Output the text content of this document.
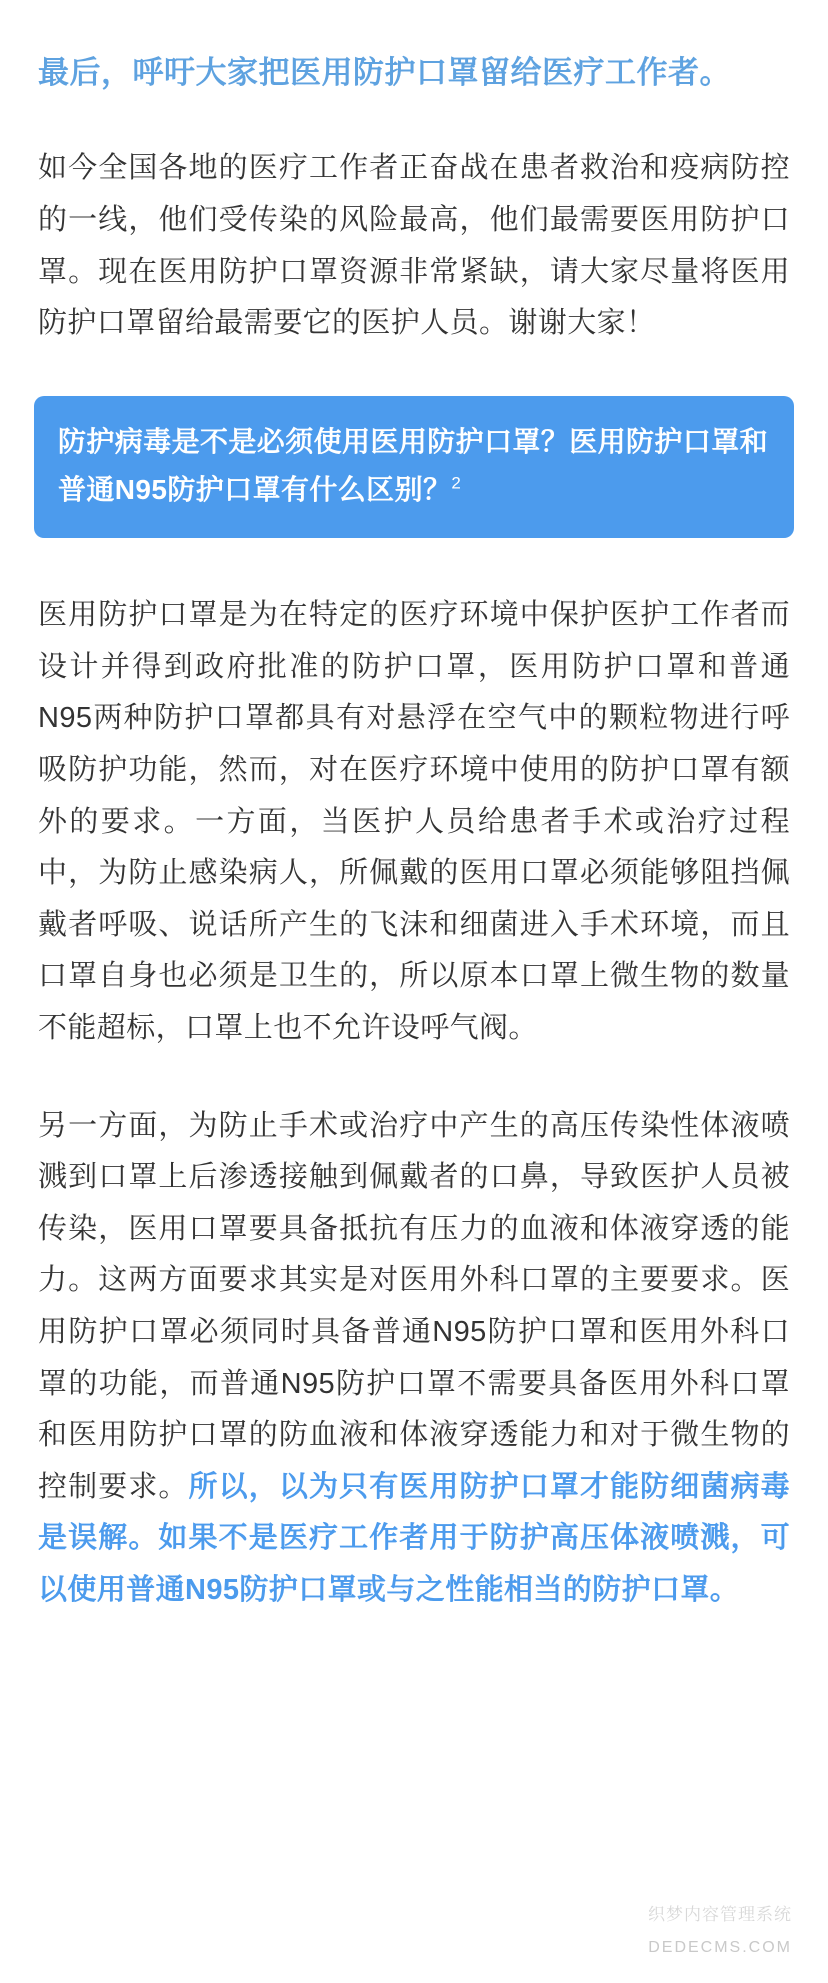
最后，呼吁大家把医用防护口罩留给医疗工作者。

如今全国各地的医疗工作者正奋战在患者救治和疫病防控的一线，他们受传染的风险最高，他们最需要医用防护口罩。现在医用防护口罩资源非常紧缺，请大家尽量将医用防护口罩留给最需要它的医护人员。谢谢大家！

防护病毒是不是必须使用医用防护口罩？医用防护口罩和普通N95防护口罩有什么区别？$^2$

医用防护口罩是为在特定的医疗环境中保护医护工作者而设计并得到政府批准的防护口罩，医用防护口罩和普通N95两种防护口罩都具有对悬浮在空气中的颗粒物进行呼吸防护功能，然而，对在医疗环境中使用的防护口罩有额外的要求。一方面，当医护人员给患者手术或治疗过程中，为防止感染病人，所佩戴的医用口罩必须能够阻挡佩戴者呼吸、说话所产生的飞沫和细菌进入手术环境，而且口罩自身也必须是卫生的，所以原本口罩上微生物的数量不能超标，口罩上也不允许设呼气阀。

另一方面，为防止手术或治疗中产生的高压传染性体液喷溅到口罩上后渗透接触到佩戴者的口鼻，导致医护人员被传染，医用口罩要具备抵抗有压力的血液和体液穿透的能力。这两方面要求其实是对医用外科口罩的主要要求。医用防护口罩必须同时具备普通N95防护口罩和医用外科口罩的功能，而普通N95防护口罩不需要具备医用外科口罩和医用防护口罩的防血液和体液穿透能力和对于微生物的控制要求。所以，以为只有医用防护口罩才能防细菌病毒是误解。如果不是医疗工作者用于防护高压体液喷溅，可以使用普通N95防护口罩或与之性能相当的防护口罩。

织梦内容管理系统
DEDECMS.COM
